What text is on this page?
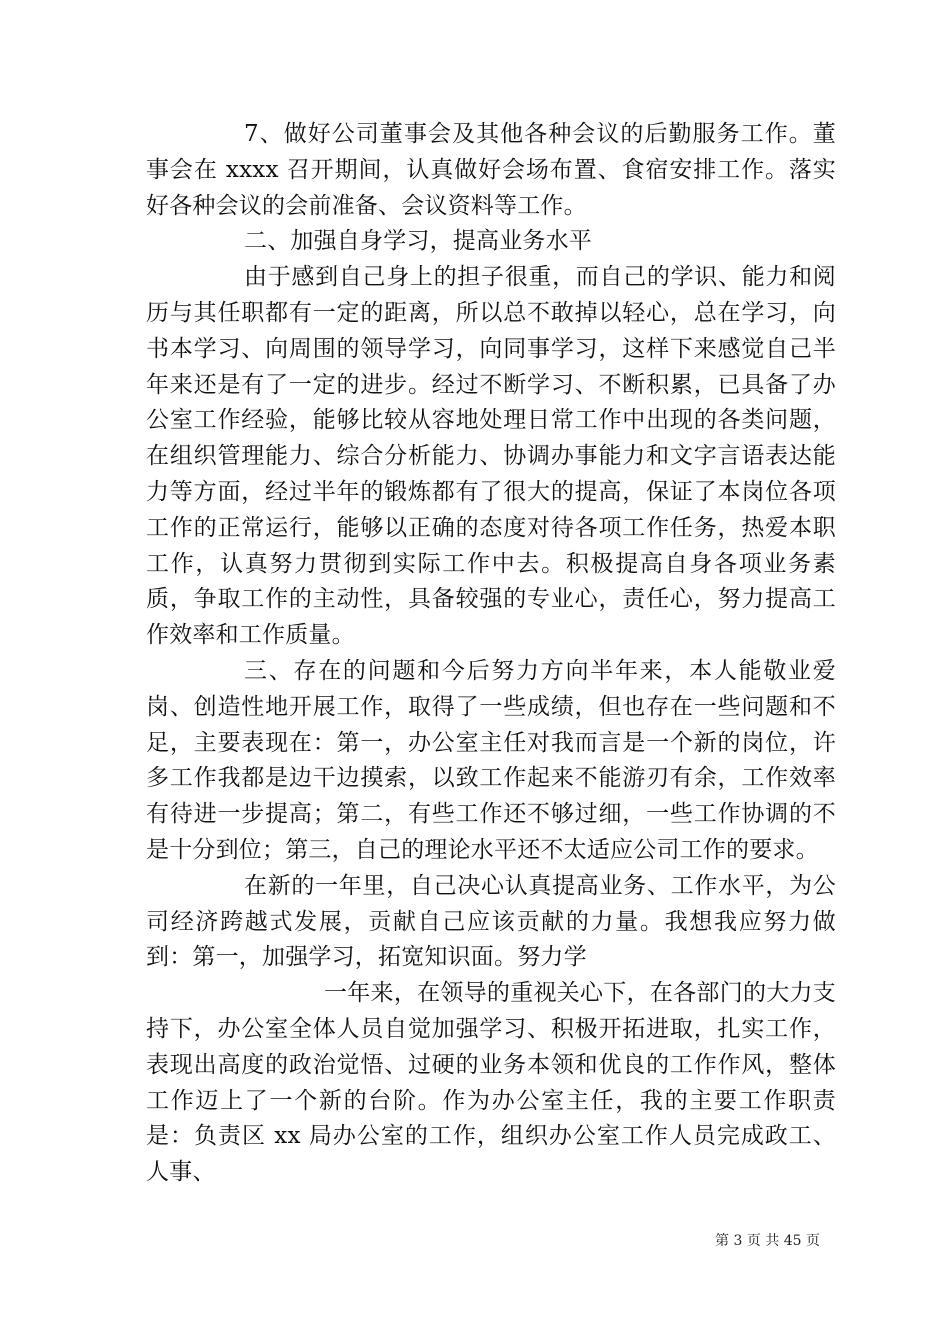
7、做好公司董事会及其他各种会议的后勤服务工作。董事会在 xxxx 召开期间，认真做好会场布置、食宿安排工作。落实好各种会议的会前准备、会议资料等工作。

二、加强自身学习，提高业务水平

由于感到自己身上的担子很重，而自己的学识、能力和阅历与其任职都有一定的距离，所以总不敢掉以轻心，总在学习，向书本学习、向周围的领导学习，向同事学习，这样下来感觉自己半年来还是有了一定的进步。经过不断学习、不断积累，已具备了办公室工作经验，能够比较从容地处理日常工作中出现的各类问题，在组织管理能力、综合分析能力、协调办事能力和文字言语表达能力等方面，经过半年的锻炼都有了很大的提高，保证了本岗位各项工作的正常运行，能够以正确的态度对待各项工作任务，热爱本职工作，认真努力贯彻到实际工作中去。积极提高自身各项业务素质，争取工作的主动性，具备较强的专业心，责任心，努力提高工作效率和工作质量。

三、存在的问题和今后努力方向半年来，本人能敬业爱岗、创造性地开展工作，取得了一些成绩，但也存在一些问题和不足，主要表现在：第一，办公室主任对我而言是一个新的岗位，许多工作我都是边干边摸索，以致工作起来不能游刃有余，工作效率有待进一步提高；第二，有些工作还不够过细，一些工作协调的不是十分到位；第三，自己的理论水平还不太适应公司工作的要求。

在新的一年里，自己决心认真提高业务、工作水平，为公司经济跨越式发展，贡献自己应该贡献的力量。我想我应努力做到：第一，加强学习，拓宽知识面。努力学

一年来，在领导的重视关心下，在各部门的大力支持下，办公室全体人员自觉加强学习、积极开拓进取，扎实工作，表现出高度的政治觉悟、过硬的业务本领和优良的工作作风，整体工作迈上了一个新的台阶。作为办公室主任，我的主要工作职责是：负责区 xx 局办公室的工作，组织办公室工作人员完成政工、人事、

第 3 页 共 45 页
